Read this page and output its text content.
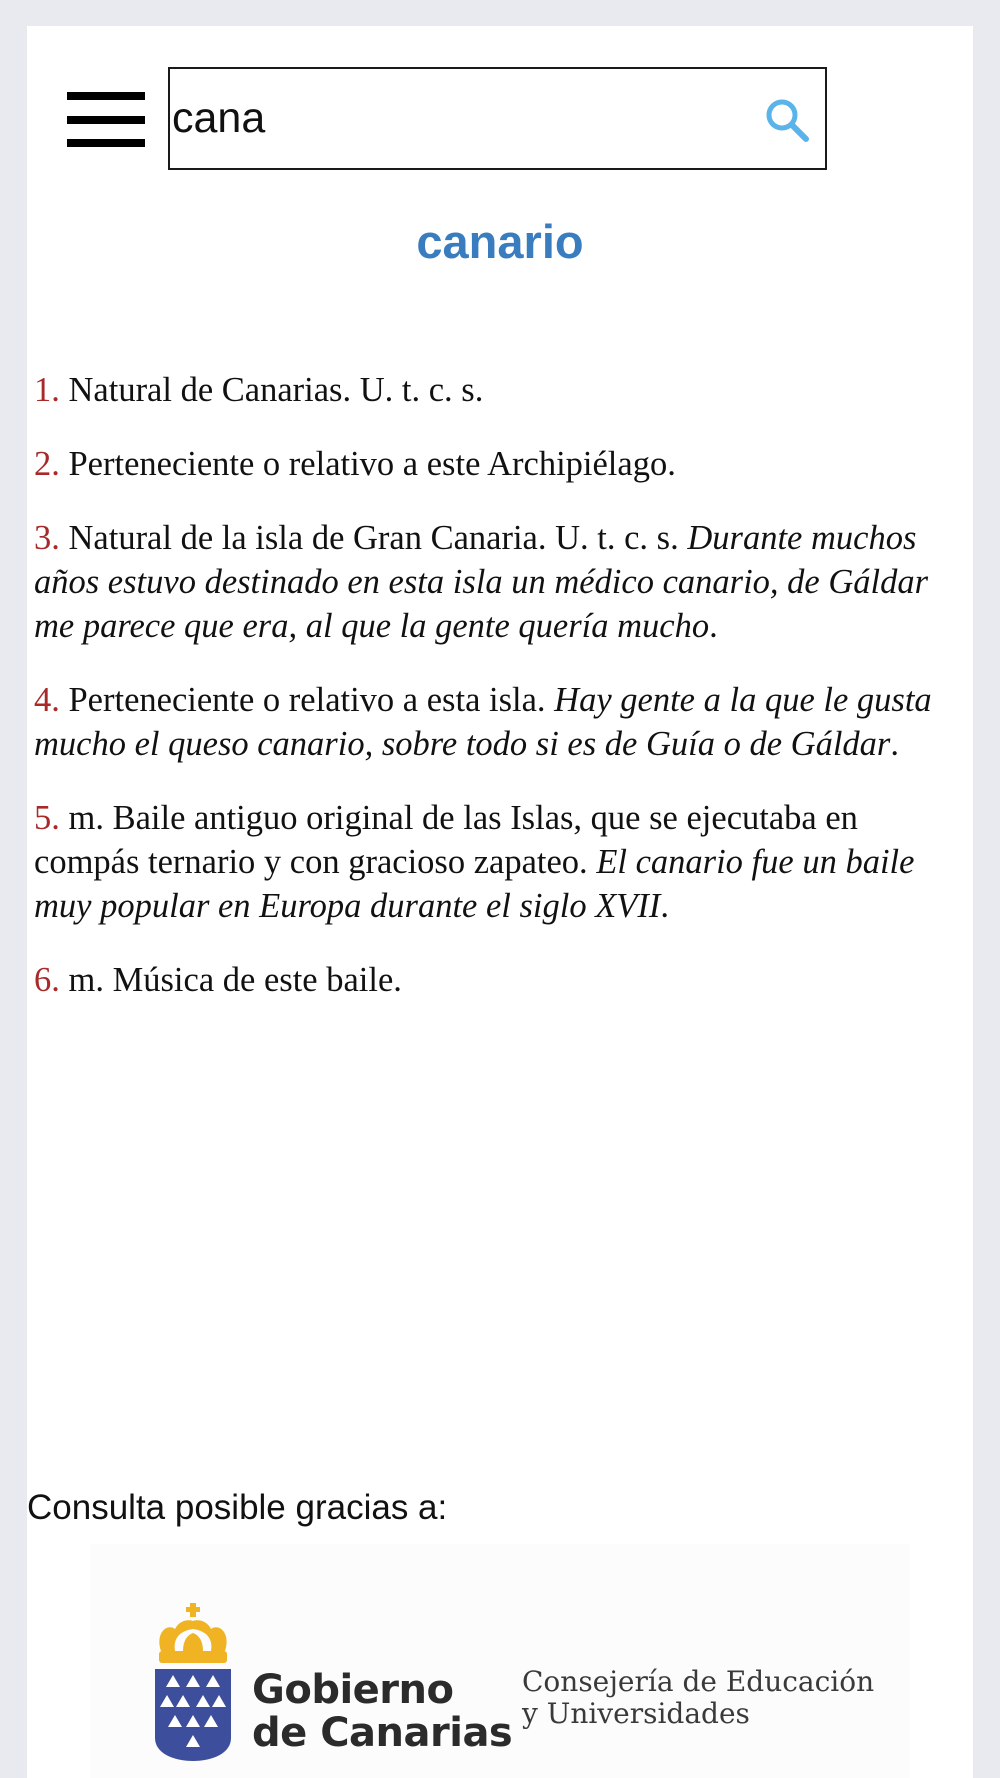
cana
canario

1. Natural de Canarias. U. t. c. s.

2. Perteneciente o relativo a este Archipiélago.

3. Natural de la isla de Gran Canaria. U. t. c. s. Durante muchos años estuvo destinado en esta isla un médico canario, de Gáldar me parece que era, al que la gente quería mucho.

4. Perteneciente o relativo a esta isla. Hay gente a la que le gusta mucho el queso canario, sobre todo si es de Guía o de Gáldar.

5. m. Baile antiguo original de las Islas, que se ejecutaba en compás ternario y con gracioso zapateo. El canario fue un baile muy popular en Europa durante el siglo XVII.

6. m. Música de este baile.

Consulta posible gracias a:
Gobierno
de Canarias
Consejería de Educación
y Universidades
